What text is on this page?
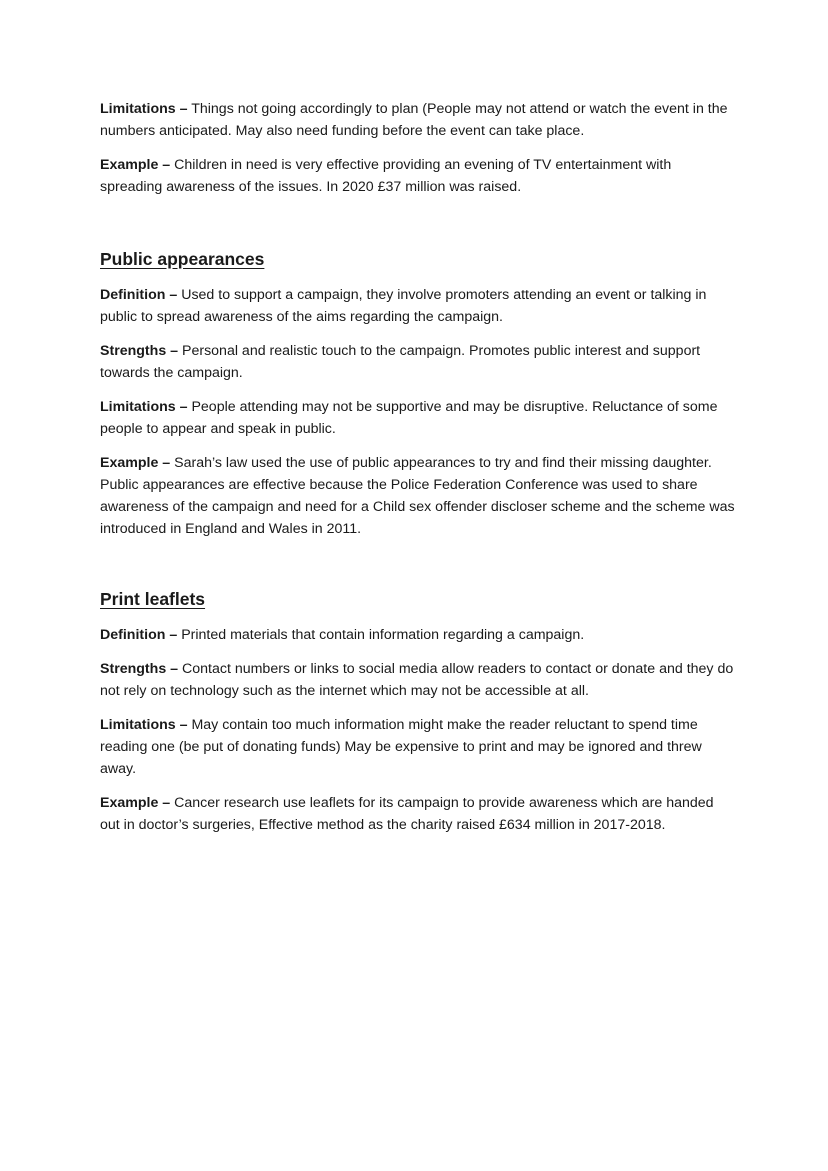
Limitations – Things not going accordingly to plan (People may not attend or watch the event in the numbers anticipated. May also need funding before the event can take place.

Example – Children in need is very effective providing an evening of TV entertainment with spreading awareness of the issues. In 2020 £37 million was raised.

Public appearances

Definition – Used to support a campaign, they involve promoters attending an event or talking in public to spread awareness of the aims regarding the campaign.

Strengths – Personal and realistic touch to the campaign. Promotes public interest and support towards the campaign.

Limitations – People attending may not be supportive and may be disruptive. Reluctance of some people to appear and speak in public.

Example – Sarah’s law used the use of public appearances to try and find their missing daughter. Public appearances are effective because the Police Federation Conference was used to share awareness of the campaign and need for a Child sex offender discloser scheme and the scheme was introduced in England and Wales in 2011.

Print leaflets

Definition – Printed materials that contain information regarding a campaign.

Strengths – Contact numbers or links to social media allow readers to contact or donate and they do not rely on technology such as the internet which may not be accessible at all.

Limitations – May contain too much information might make the reader reluctant to spend time reading one (be put of donating funds) May be expensive to print and may be ignored and threw away.

Example – Cancer research use leaflets for its campaign to provide awareness which are handed out in doctor’s surgeries, Effective method as the charity raised £634 million in 2017-2018.
